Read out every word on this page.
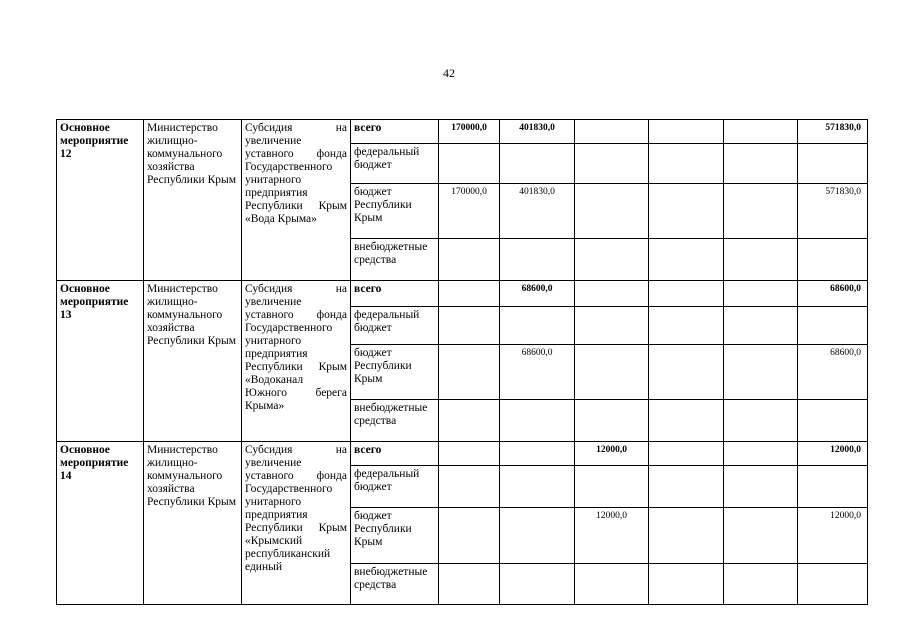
42
Основное мероприятие 12	Министерство жилищно-коммунального хозяйства Республики Крым	Субсидия на увеличение уставного фонда Государственного унитарного предприятия Республики Крым «Вода Крыма»	всего	170000,0	401830,0				571830,0
			федеральный бюджет						
			бюджет Республики Крым	170000,0	401830,0				571830,0
			внебюджетные средства						
Основное мероприятие 13	Министерство жилищно-коммунального хозяйства Республики Крым	Субсидия на увеличение уставного фонда Государственного унитарного предприятия Республики Крым «Водоканал Южного берега Крыма»	всего		68600,0				68600,0
			федеральный бюджет						
			бюджет Республики Крым		68600,0				68600,0
			внебюджетные средства						
Основное мероприятие 14	Министерство жилищно-коммунального хозяйства Республики Крым	Субсидия на увеличение уставного фонда Государственного унитарного предприятия Республики Крым «Крымский республиканский единый	всего			12000,0			12000,0
			федеральный бюджет						
			бюджет Республики Крым			12000,0			12000,0
			внебюджетные средства						
